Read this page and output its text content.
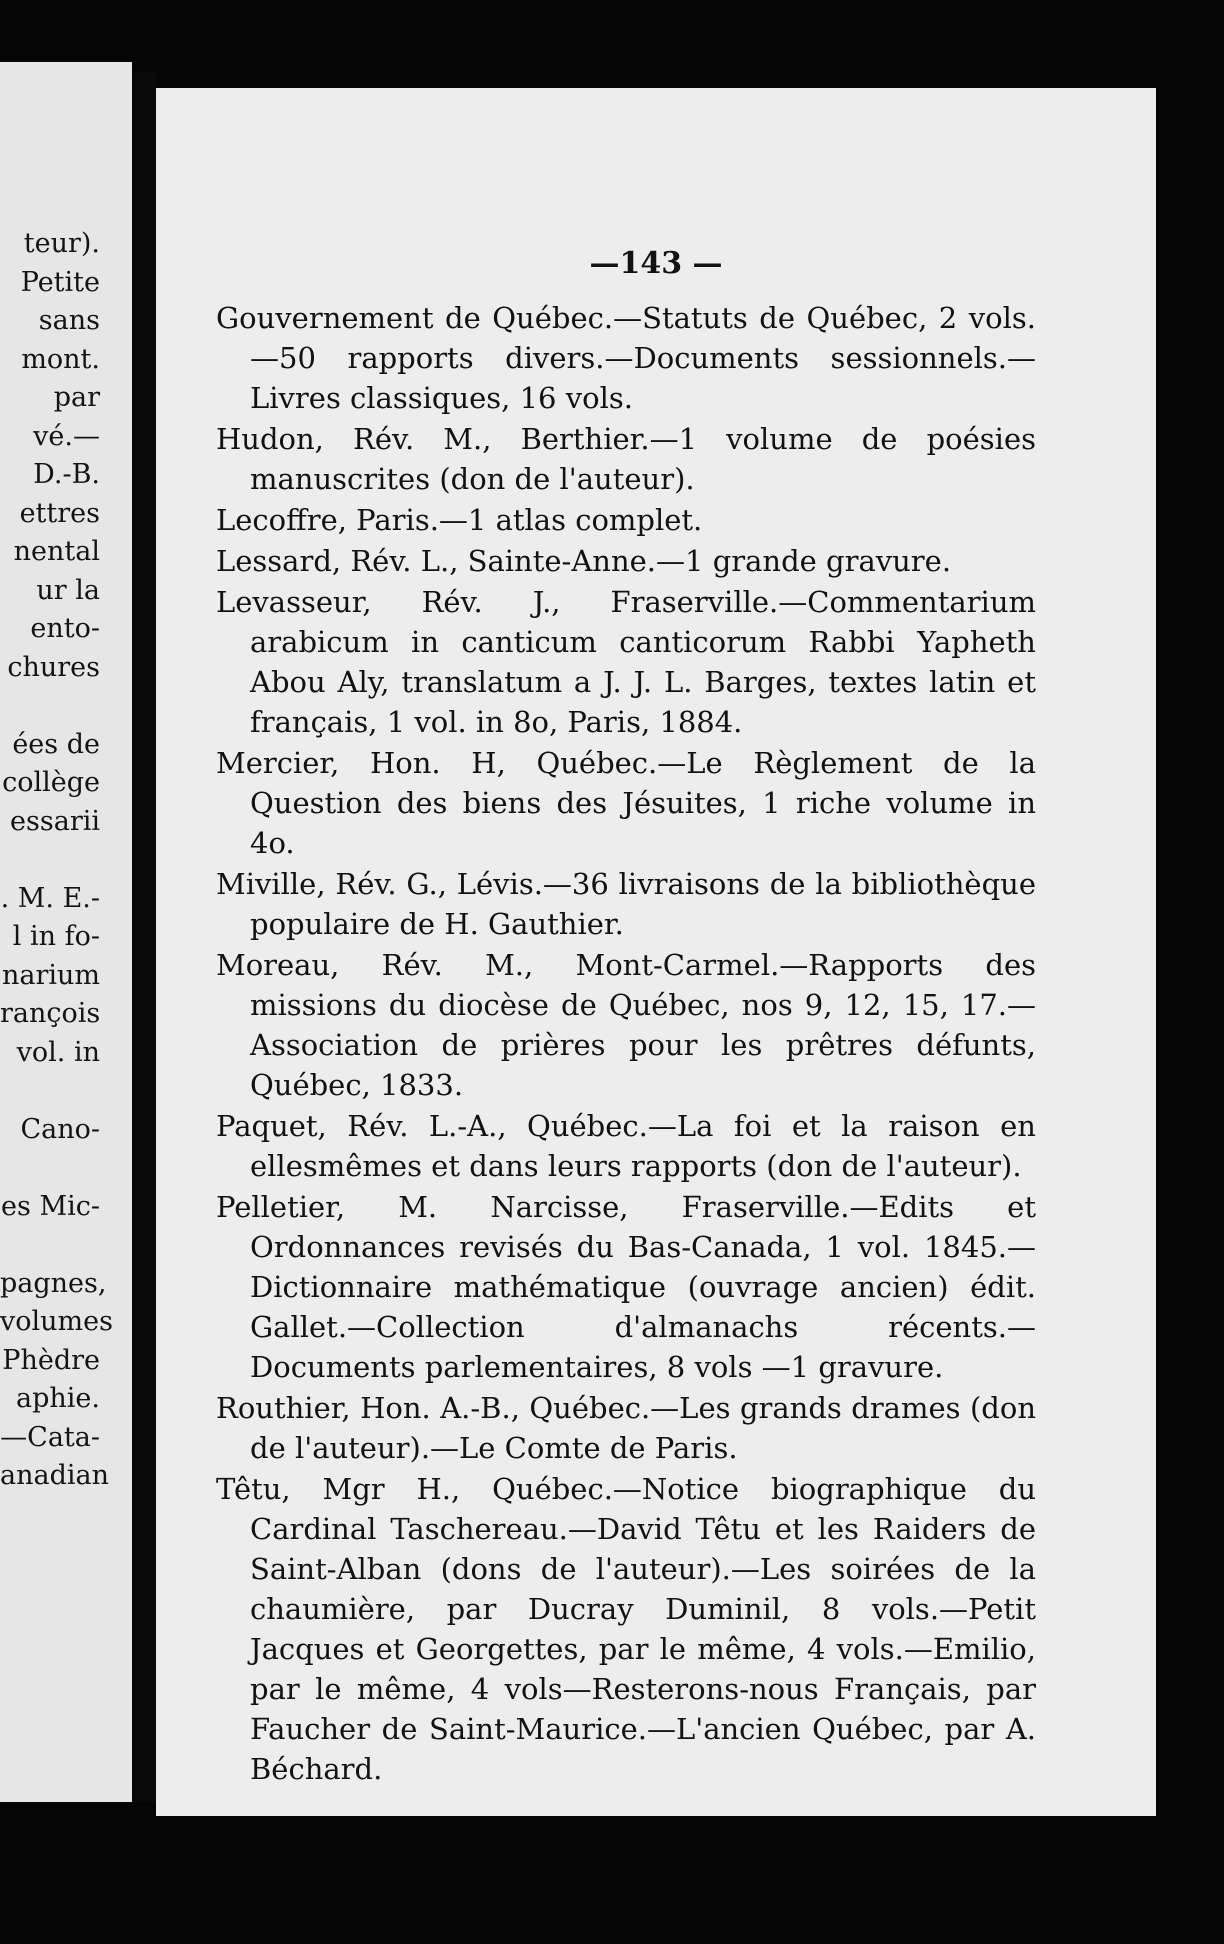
teur).
Petite
sans
mont.
par
vé.—
D.-B.
ettres
nental
ur la
ento-
chures
ées de
collège
essarii
. M. E.-
l in fo-
narium
rançois
vol. in
Cano-
es Mic-
pagnes,
volumes
Phèdre
aphie.
—Cata-
anadian
—143 —

Gouvernement de Québec.—Statuts de Québec, 2 vols.—50 rapports divers.—Documents sessionnels.—Livres classiques, 16 vols.

Hudon, Rév. M., Berthier.—1 volume de poésies manuscrites (don de l'auteur).

Lecoffre, Paris.—1 atlas complet.

Lessard, Rév. L., Sainte-Anne.—1 grande gravure.

Levasseur, Rév. J., Fraserville.—Commentarium arabicum in canticum canticorum Rabbi Yapheth Abou Aly, translatum a J. J. L. Barges, textes latin et français, 1 vol. in 8o, Paris, 1884.

Mercier, Hon. H, Québec.—Le Règlement de la Question des biens des Jésuites, 1 riche volume in 4o.

Miville, Rév. G., Lévis.—36 livraisons de la bibliothèque populaire de H. Gauthier.

Moreau, Rév. M., Mont-Carmel.—Rapports des missions du diocèse de Québec, nos 9, 12, 15, 17.—Association de prières pour les prêtres défunts, Québec, 1833.

Paquet, Rév. L.-A., Québec.—La foi et la raison en ellesmêmes et dans leurs rapports (don de l'auteur).

Pelletier, M. Narcisse, Fraserville.—Edits et Ordonnances revisés du Bas-Canada, 1 vol. 1845.—Dictionnaire mathématique (ouvrage ancien) édit. Gallet.—Collection d'almanachs récents.—Documents parlementaires, 8 vols —1 gravure.

Routhier, Hon. A.-B., Québec.—Les grands drames (don de l'auteur).—Le Comte de Paris.

Têtu, Mgr H., Québec.—Notice biographique du Cardinal Taschereau.—David Têtu et les Raiders de Saint-Alban (dons de l'auteur).—Les soirées de la chaumière, par Ducray Duminil, 8 vols.—Petit Jacques et Georgettes, par le même, 4 vols.—Emilio, par le même, 4 vols—Resterons-nous Français, par Faucher de Saint-Maurice.—L'ancien Québec, par A. Béchard.
